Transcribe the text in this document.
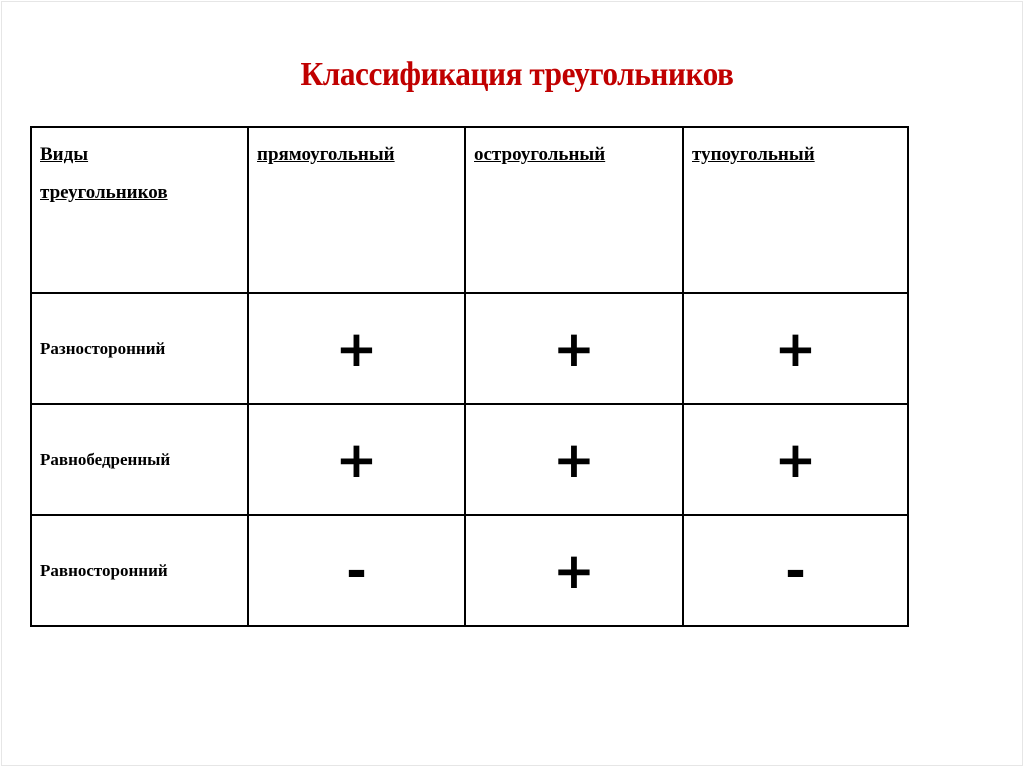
Классификация треугольников
Виды треугольников	прямоугольный	остроугольный	тупоугольный
Разносторонний	+	+	+

Равнобедренный	+	+	+

Равносторонний	-	+	-
